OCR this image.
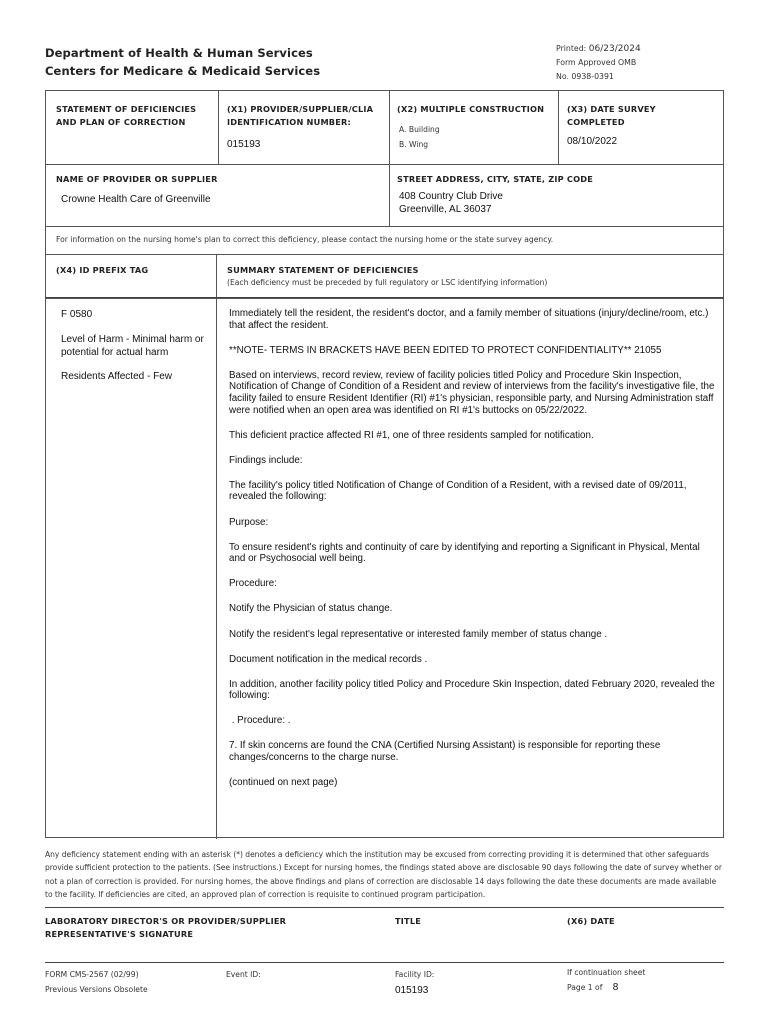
Department of Health & Human Services
Centers for Medicare & Medicaid Services
Printed: 06/23/2024
Form Approved OMB
No. 0938-0391
STATEMENT OF DEFICIENCIES AND PLAN OF CORRECTION
(X1) PROVIDER/SUPPLIER/CLIA IDENTIFICATION NUMBER:
015193
(X2) MULTIPLE CONSTRUCTION
A. Building
B. Wing
(X3) DATE SURVEY COMPLETED
08/10/2022
NAME OF PROVIDER OR SUPPLIER
Crowne Health Care of Greenville
STREET ADDRESS, CITY, STATE, ZIP CODE
408 Country Club Drive
Greenville, AL 36037
For information on the nursing home's plan to correct this deficiency, please contact the nursing home or the state survey agency.
(X4) ID PREFIX TAG	SUMMARY STATEMENT OF DEFICIENCIES
(Each deficiency must be preceded by full regulatory or LSC identifying information)
F 0580
Level of Harm - Minimal harm or potential for actual harm
Residents Affected - Few

Immediately tell the resident, the resident's doctor, and a family member of situations (injury/decline/room, etc.) that affect the resident.

**NOTE- TERMS IN BRACKETS HAVE BEEN EDITED TO PROTECT CONFIDENTIALITY** 21055

Based on interviews, record review, review of facility policies titled Policy and Procedure Skin Inspection, Notification of Change of Condition of a Resident and review of interviews from the facility's investigative file, the facility failed to ensure Resident Identifier (RI) #1's physician, responsible party, and Nursing Administration staff were notified when an open area was identified on RI #1's buttocks on 05/22/2022.

This deficient practice affected RI #1, one of three residents sampled for notification.

Findings include:

The facility's policy titled Notification of Change of Condition of a Resident, with a revised date of 09/2011, revealed the following:

Purpose:

To ensure resident's rights and continuity of care by identifying and reporting a Significant in Physical, Mental and or Psychosocial well being.

Procedure:

Notify the Physician of status change.

Notify the resident's legal representative or interested family member of status change .

Document notification in the medical records .

In addition, another facility policy titled Policy and Procedure Skin Inspection, dated February 2020, revealed the following:

. Procedure: .

7. If skin concerns are found the CNA (Certified Nursing Assistant) is responsible for reporting these changes/concerns to the charge nurse.

(continued on next page)

Any deficiency statement ending with an asterisk (*) denotes a deficiency which the institution may be excused from correcting providing it is determined that other safeguards provide sufficient protection to the patients. (See instructions.) Except for nursing homes, the findings stated above are disclosable 90 days following the date of survey whether or not a plan of correction is provided. For nursing homes, the above findings and plans of correction are disclosable 14 days following the date these documents are made available to the facility. If deficiencies are cited, an approved plan of correction is requisite to continued program participation.
LABORATORY DIRECTOR'S OR PROVIDER/SUPPLIER REPRESENTATIVE'S SIGNATURE
TITLE	(X6) DATE
FORM CMS-2567 (02/99)
Previous Versions Obsolete
Event ID:	Facility ID:
015193
If continuation sheet
Page 1 of 8
